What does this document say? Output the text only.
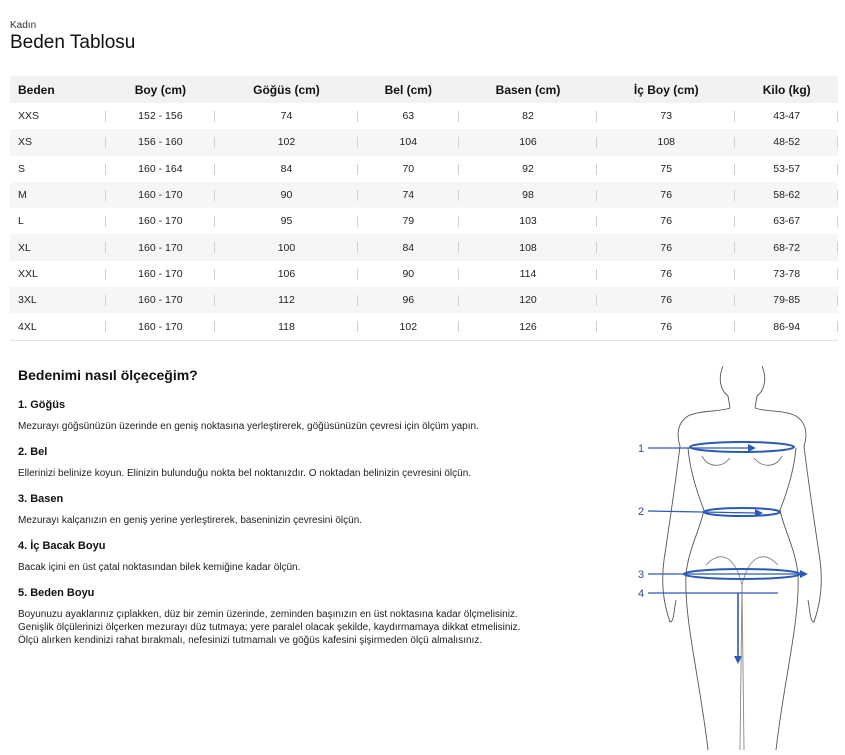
Kadın
Beden Tablosu
Beden	Boy (cm)	Göğüs (cm)	Bel (cm)	Basen (cm)	İç Boy (cm)	Kilo (kg)
XXS	152 - 156	74	63	82	73	43-47

XS	156 - 160	102	104	106	108	48-52

S	160 - 164	84	70	92	75	53-57

M	160 - 170	90	74	98	76	58-62

L	160 - 170	95	79	103	76	63-67

XL	160 - 170	100	84	108	76	68-72

XXL	160 - 170	106	90	114	76	73-78

3XL	160 - 170	112	96	120	76	79-85

4XL	160 - 170	118	102	126	76	86-94
Bedenimi nasıl ölçeceğim?
1. Göğüs

Mezurayı göğsünüzün üzerinde en geniş noktasına yerleştirerek, göğüsünüzün çevresi için ölçüm yapın.

2. Bel

Ellerinizi belinize koyun. Elinizin bulunduğu nokta bel noktanızdır. O noktadan belinizin çevresini ölçün.

3. Basen

Mezurayı kalçanızın en geniş yerine yerleştirerek, baseninizin çevresini ölçün.

4. İç Bacak Boyu

Bacak içini en üst çatal noktasından bilek kemiğine kadar ölçün.

5. Beden Boyu

Boyunuzu ayaklarınız çıplakken, düz bir zemin üzerinde, zeminden başınızın en üst noktasına kadar ölçmelisiniz. Genişlik ölçülerinizi ölçerken mezurayı düz tutmaya; yere paralel olacak şekilde, kaydırmamaya dikkat etmelisiniz. Ölçü alırken kendinizi rahat bırakmalı, nefesinizi tutmamalı ve göğüs kafesini şişirmeden ölçü almalısınız.

1
2
3
4
